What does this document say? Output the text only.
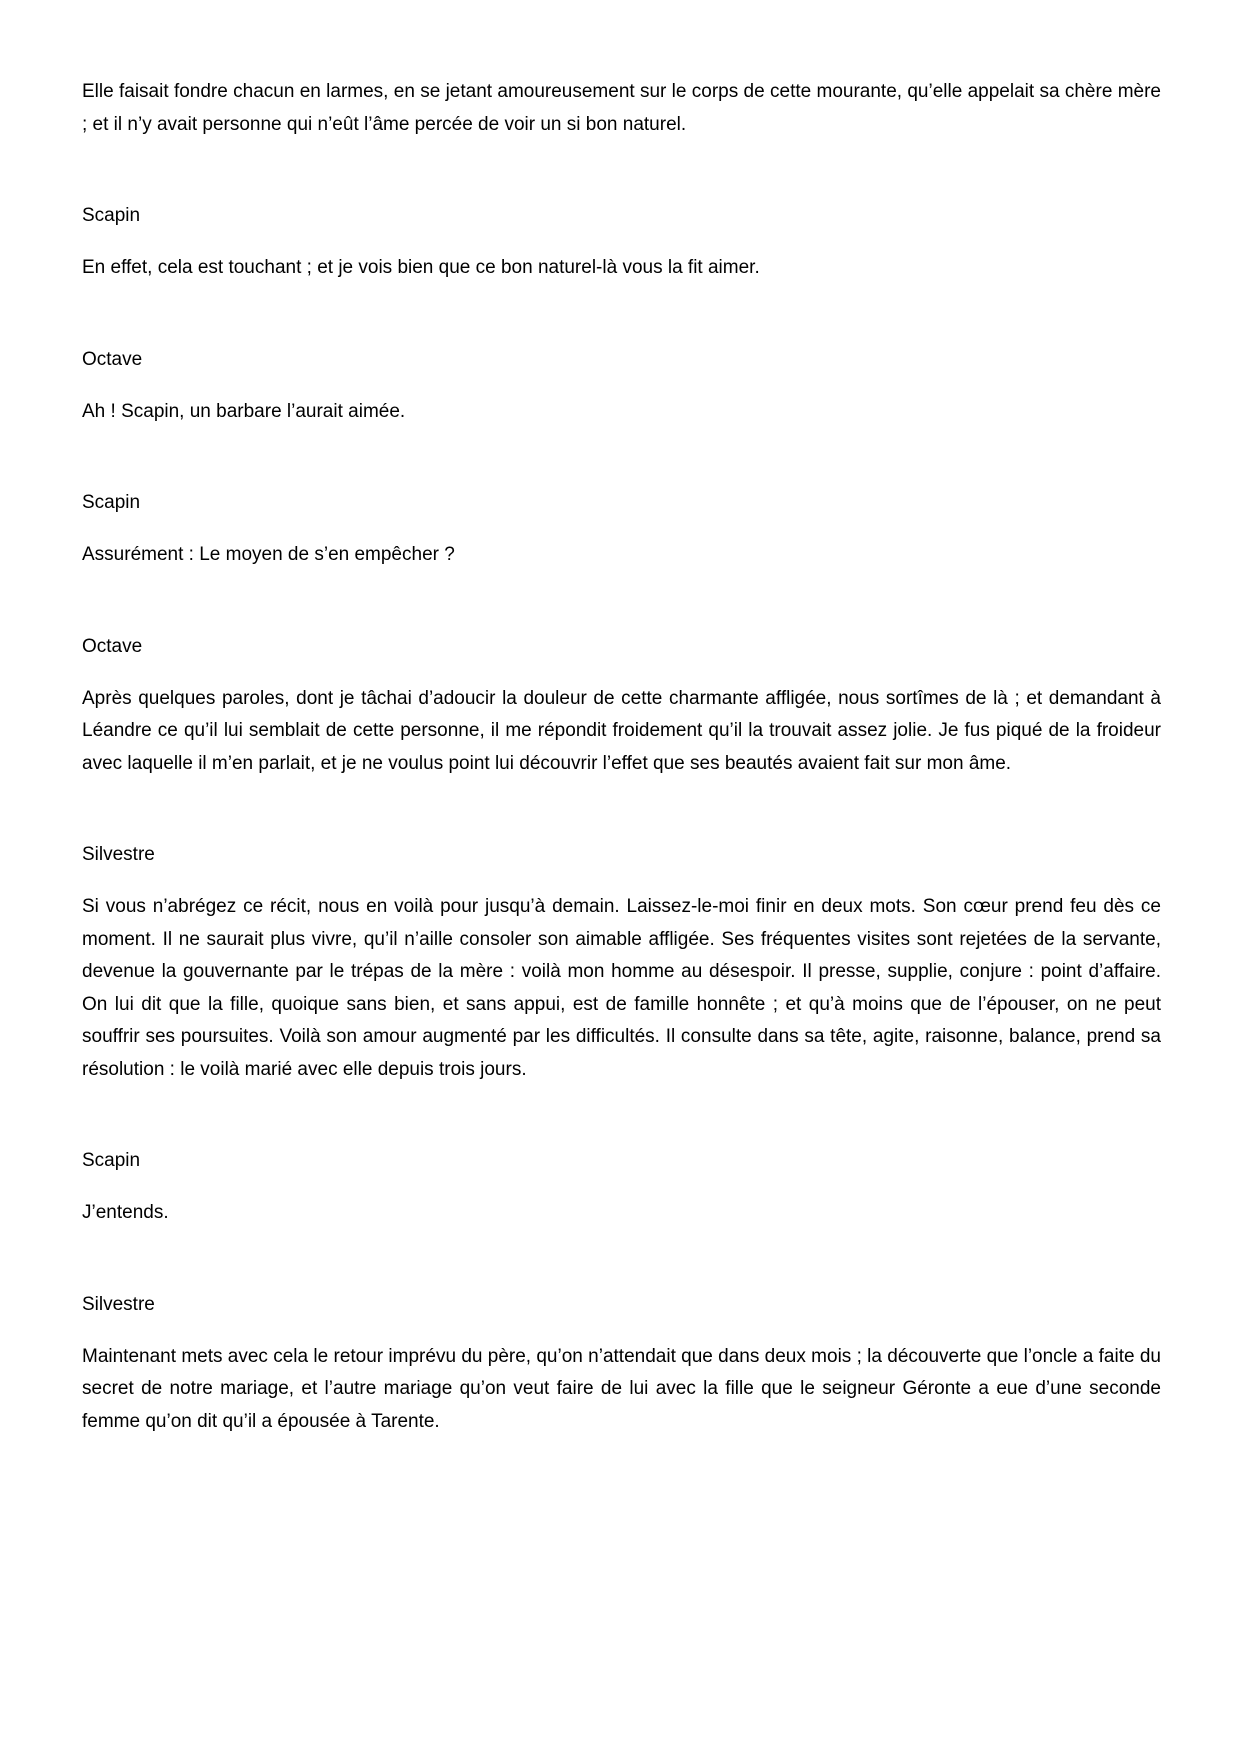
Elle faisait fondre chacun en larmes, en se jetant amoureusement sur le corps de cette mourante, qu’elle appelait sa chère mère ; et il n’y avait personne qui n’eût l’âme percée de voir un si bon naturel.

Scapin

En effet, cela est touchant ; et je vois bien que ce bon naturel-là vous la fit aimer.

Octave

Ah ! Scapin, un barbare l’aurait aimée.

Scapin

Assurément : Le moyen de s’en empêcher ?

Octave

Après quelques paroles, dont je tâchai d’adoucir la douleur de cette charmante affligée, nous sortîmes de là ; et demandant à Léandre ce qu’il lui semblait de cette personne, il me répondit froidement qu’il la trouvait assez jolie. Je fus piqué de la froideur avec laquelle il m’en parlait, et je ne voulus point lui découvrir l’effet que ses beautés avaient fait sur mon âme.

Silvestre

Si vous n’abrégez ce récit, nous en voilà pour jusqu’à demain. Laissez-le-moi finir en deux mots. Son cœur prend feu dès ce moment. Il ne saurait plus vivre, qu’il n’aille consoler son aimable affligée. Ses fréquentes visites sont rejetées de la servante, devenue la gouvernante par le trépas de la mère : voilà mon homme au désespoir. Il presse, supplie, conjure : point d’affaire. On lui dit que la fille, quoique sans bien, et sans appui, est de famille honnête ; et qu’à moins que de l’épouser, on ne peut souffrir ses poursuites. Voilà son amour augmenté par les difficultés. Il consulte dans sa tête, agite, raisonne, balance, prend sa résolution : le voilà marié avec elle depuis trois jours.

Scapin

J’entends.

Silvestre

Maintenant mets avec cela le retour imprévu du père, qu’on n’attendait que dans deux mois ; la découverte que l’oncle a faite du secret de notre mariage, et l’autre mariage qu’on veut faire de lui avec la fille que le seigneur Géronte a eue d’une seconde femme qu’on dit qu’il a épousée à Tarente.
